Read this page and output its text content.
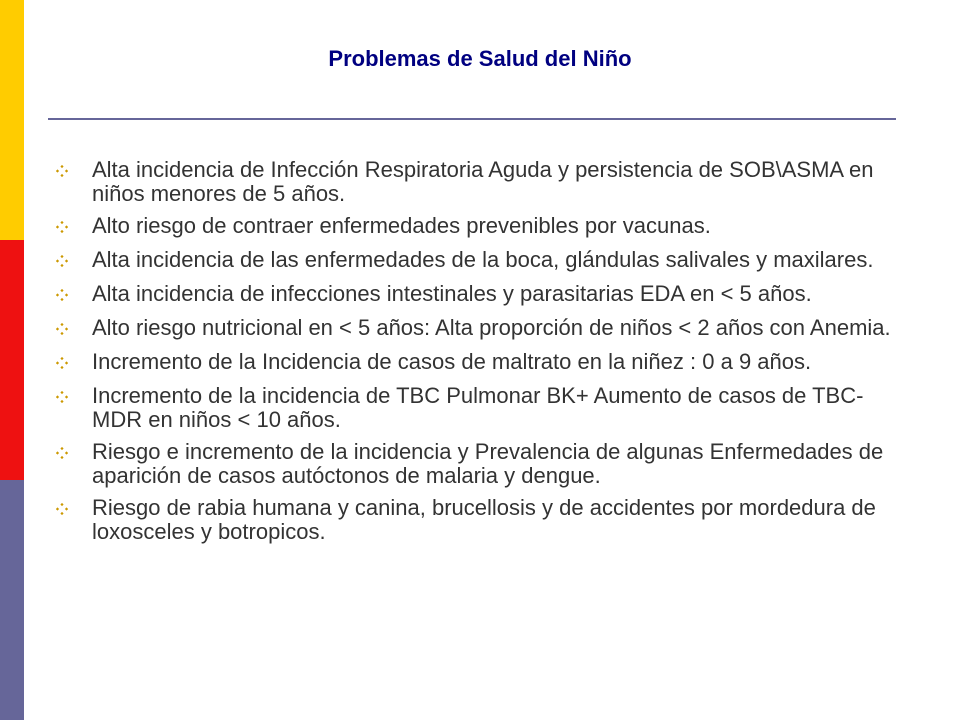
Problemas de Salud del Niño
Alta incidencia de Infección Respiratoria Aguda y persistencia de SOB\ASMA en niños menores de 5 años.
Alto riesgo de contraer enfermedades prevenibles por vacunas.
Alta incidencia de las enfermedades de la boca, glándulas salivales y maxilares.
Alta incidencia de infecciones intestinales y parasitarias EDA en < 5 años.
Alto riesgo nutricional en < 5 años: Alta proporción de niños < 2 años con Anemia.
Incremento de la Incidencia de casos de maltrato en la niñez : 0 a 9 años.
Incremento de la incidencia de TBC Pulmonar BK+ Aumento de casos de TBC-MDR en niños < 10 años.
Riesgo e incremento de la incidencia y Prevalencia de algunas Enfermedades de aparición de casos autóctonos de malaria y dengue.
Riesgo de rabia humana y canina, brucellosis y de accidentes por mordedura de loxosceles y botropicos.
